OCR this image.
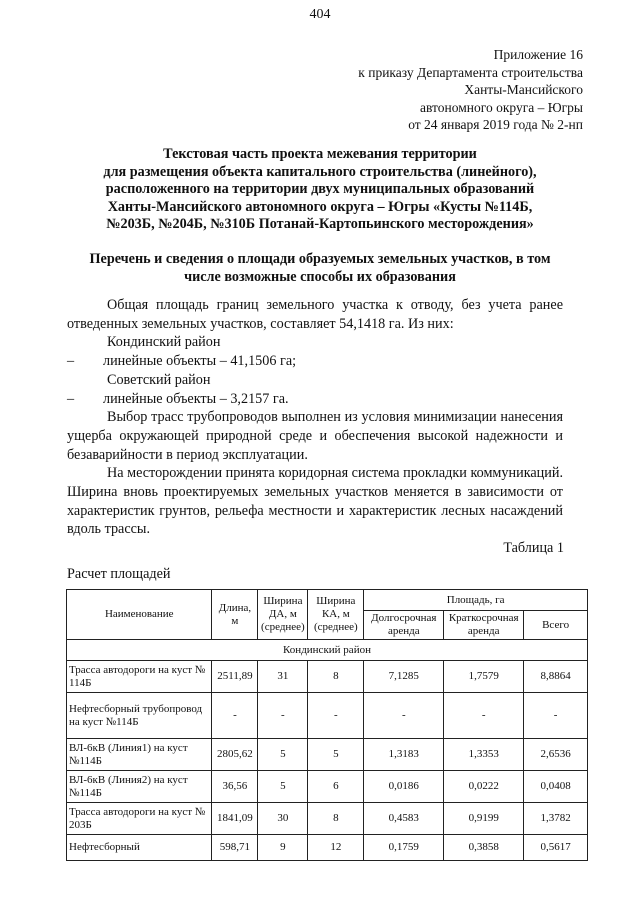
404
Приложение 16
к приказу Департамента строительства
Ханты-Мансийского
автономного округа – Югры
от 24 января 2019 года № 2-нп
Текстовая часть проекта межевания территории
для размещения объекта капитального строительства (линейного),
расположенного на территории двух муниципальных образований
Ханты-Мансийского автономного округа – Югры «Кусты №114Б,
№203Б, №204Б, №310Б Потанай-Картопьинского месторождения»
Перечень и сведения о площади образуемых земельных участков, в том
числе возможные способы их образования

Общая площадь границ земельного участка к отводу, без учета ранее отведенных земельных участков, составляет 54,1418 га. Из них:

Кондинский район

–	линейные объекты – 41,1506 га;

Советский район

–	линейные объекты – 3,2157 га.

Выбор трасс трубопроводов выполнен из условия минимизации нанесения ущерба окружающей природной среде и обеспечения высокой надежности и безаварийности в период эксплуатации.

На месторождении принята коридорная система прокладки коммуникаций. Ширина вновь проектируемых земельных участков меняется в зависимости от характеристик грунтов, рельефа местности и характеристик лесных насаждений вдоль трассы.

Таблица 1
Расчет площадей
Наименование	Длина, м	Ширина ДА, м (среднее)	Ширина КА, м (среднее)	Площадь, га		
				Долгосрочная аренда	Краткосрочная аренда	Всего
Кондинский район						
Трасса автодороги на куст № 114Б	2511,89	31	8	7,1285	1,7579	8,8864
Нефтесборный трубопровод на куст №114Б	-	-	-	-	-	-
ВЛ-6кВ (Линия1) на куст №114Б	2805,62	5	5	1,3183	1,3353	2,6536
ВЛ-6кВ (Линия2) на куст №114Б	36,56	5	6	0,0186	0,0222	0,0408
Трасса автодороги на куст № 203Б	1841,09	30	8	0,4583	0,9199	1,3782
Нефтесборный	598,71	9	12	0,1759	0,3858	0,5617
